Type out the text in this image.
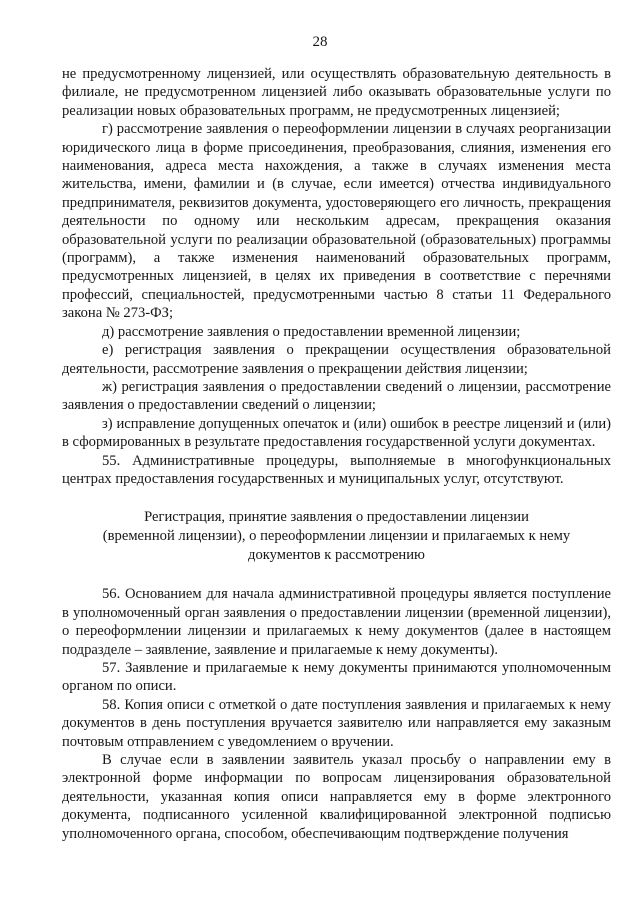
28

не предусмотренному лицензией, или осуществлять образовательную деятельность в филиале, не предусмотренном лицензией либо оказывать образовательные услуги по реализации новых образовательных программ, не предусмотренных лицензией;

г) рассмотрение заявления о переоформлении лицензии в случаях реорганизации юридического лица в форме присоединения, преобразования, слияния, изменения его наименования, адреса места нахождения, а также в случаях изменения места жительства, имени, фамилии и (в случае, если имеется) отчества индивидуального предпринимателя, реквизитов документа, удостоверяющего его личность, прекращения деятельности по одному или нескольким адресам, прекращения оказания образовательной услуги по реализации образовательной (образовательных) программы (программ), а также изменения наименований образовательных программ, предусмотренных лицензией, в целях их приведения в соответствие с перечнями профессий, специальностей, предусмотренными частью 8 статьи 11 Федерального закона № 273-ФЗ;

д) рассмотрение заявления о предоставлении временной лицензии;

е) регистрация заявления о прекращении осуществления образовательной деятельности, рассмотрение заявления о прекращении действия лицензии;

ж) регистрация заявления о предоставлении сведений о лицензии, рассмотрение заявления о предоставлении сведений о лицензии;

з) исправление допущенных опечаток и (или) ошибок в реестре лицензий и (или) в сформированных в результате предоставления государственной услуги документах.

55. Административные процедуры, выполняемые в многофункциональных центрах предоставления государственных и муниципальных услуг, отсутствуют.

Регистрация, принятие заявления о предоставлении лицензии
(временной лицензии), о переоформлении лицензии и прилагаемых к нему
документов к рассмотрению

56. Основанием для начала административной процедуры является поступление в уполномоченный орган заявления о предоставлении лицензии (временной лицензии), о переоформлении лицензии и прилагаемых к нему документов (далее в настоящем подразделе – заявление, заявление и прилагаемые к нему документы).

57. Заявление и прилагаемые к нему документы принимаются уполномоченным органом по описи.

58. Копия описи с отметкой о дате поступления заявления и прилагаемых к нему документов в день поступления вручается заявителю или направляется ему заказным почтовым отправлением с уведомлением о вручении.

В случае если в заявлении заявитель указал просьбу о направлении ему в электронной форме информации по вопросам лицензирования образовательной деятельности, указанная копия описи направляется ему в форме электронного документа, подписанного усиленной квалифицированной электронной подписью уполномоченного органа, способом, обеспечивающим подтверждение получения
